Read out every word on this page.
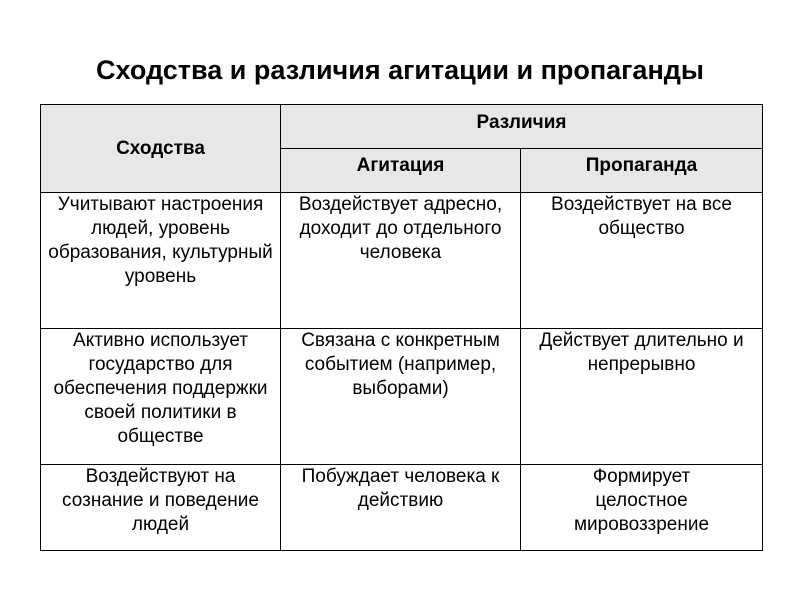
Сходства и различия агитации и пропаганды
Сходства	Различия	
	Агитация	Пропаганда
Учитывают настроения людей, уровень образования, культурный уровень	Воздействует адресно, доходит до отдельного человека	Воздействует на все общество
Активно использует государство для обеспечения поддержки своей политики в обществе	Связана с конкретным событием (например, выборами)	Действует длительно и непрерывно
Воздействуют на сознание и поведение людей	Побуждает человека к действию	Формирует целостное мировоззрение
